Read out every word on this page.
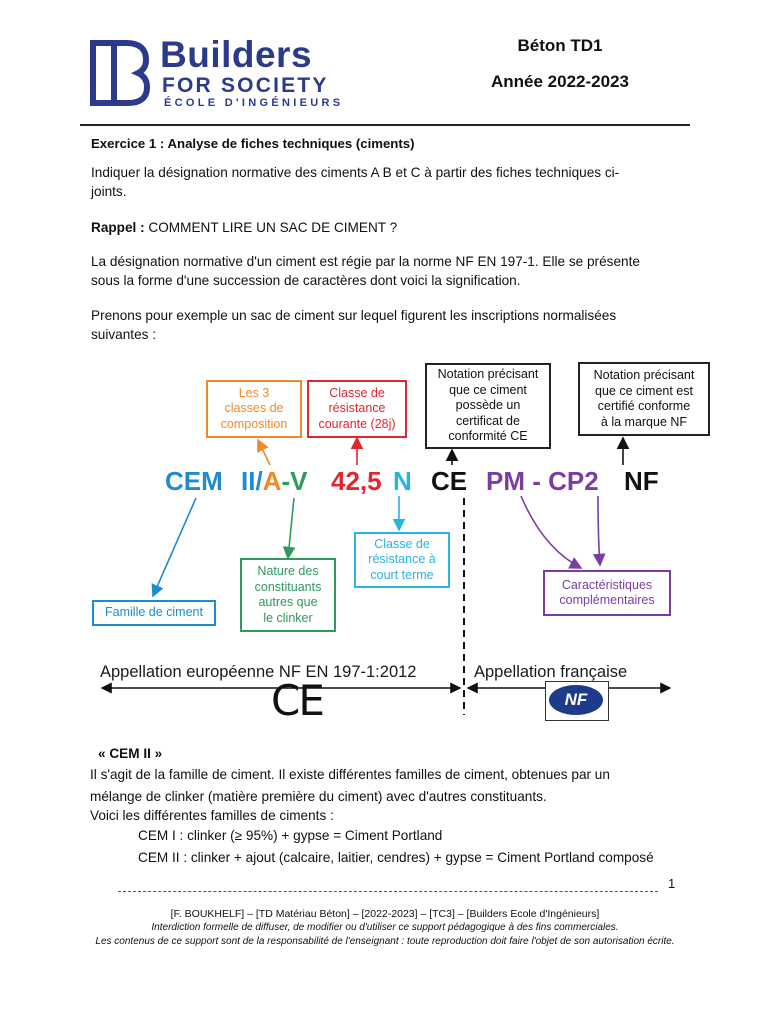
Builders
FOR SOCIETY
ÉCOLE D'INGÉNIEURS
Béton TD1
Année 2022-2023
Exercice 1 : Analyse de fiches techniques (ciments)
Indiquer la désignation normative des ciments A B et C à partir des fiches techniques ci-
joints.
Rappel : COMMENT LIRE UN SAC DE CIMENT ?
La désignation normative d'un ciment est régie par la norme NF EN 197-1. Elle se présente
sous la forme d'une succession de caractères dont voici la signification.
Prenons pour exemple un sac de ciment sur lequel figurent les inscriptions normalisées
suivantes :
Les 3
classes de
composition
Classe de
résistance
courante (28j)
Notation précisant
que ce ciment
possède un
certificat de
conformité CE
Notation précisant
que ce ciment est
certifié conforme
à la marque NF
CEM II/A-V 42,5 N CE PM - CP2 NF
Famille de ciment
Nature des
constituants
autres que
le clinker
Classe de
résistance à
court terme
Caractéristiques
complémentaires
Appellation européenne NF EN 197-1:2012	Appellation française
CE	NF
« CEM II »
Il s'agit de la famille de ciment. Il existe différentes familles de ciment, obtenues par un
mélange de clinker (matière première du ciment) avec d'autres constituants.
Voici les différentes familles de ciments :
CEM I : clinker (≥ 95%) + gypse = Ciment Portland
CEM II : clinker + ajout (calcaire, laitier, cendres) + gypse = Ciment Portland composé
1
[F. BOUKHELF] – [TD Matériau Béton] – [2022-2023] – [TC3] – [Builders Ecole d'Ingénieurs]
Interdiction formelle de diffuser, de modifier ou d'utiliser ce support pédagogique à des fins commerciales.
Les contenus de ce support sont de la responsabilité de l'enseignant : toute reproduction doit faire l'objet de son autorisation écrite.
